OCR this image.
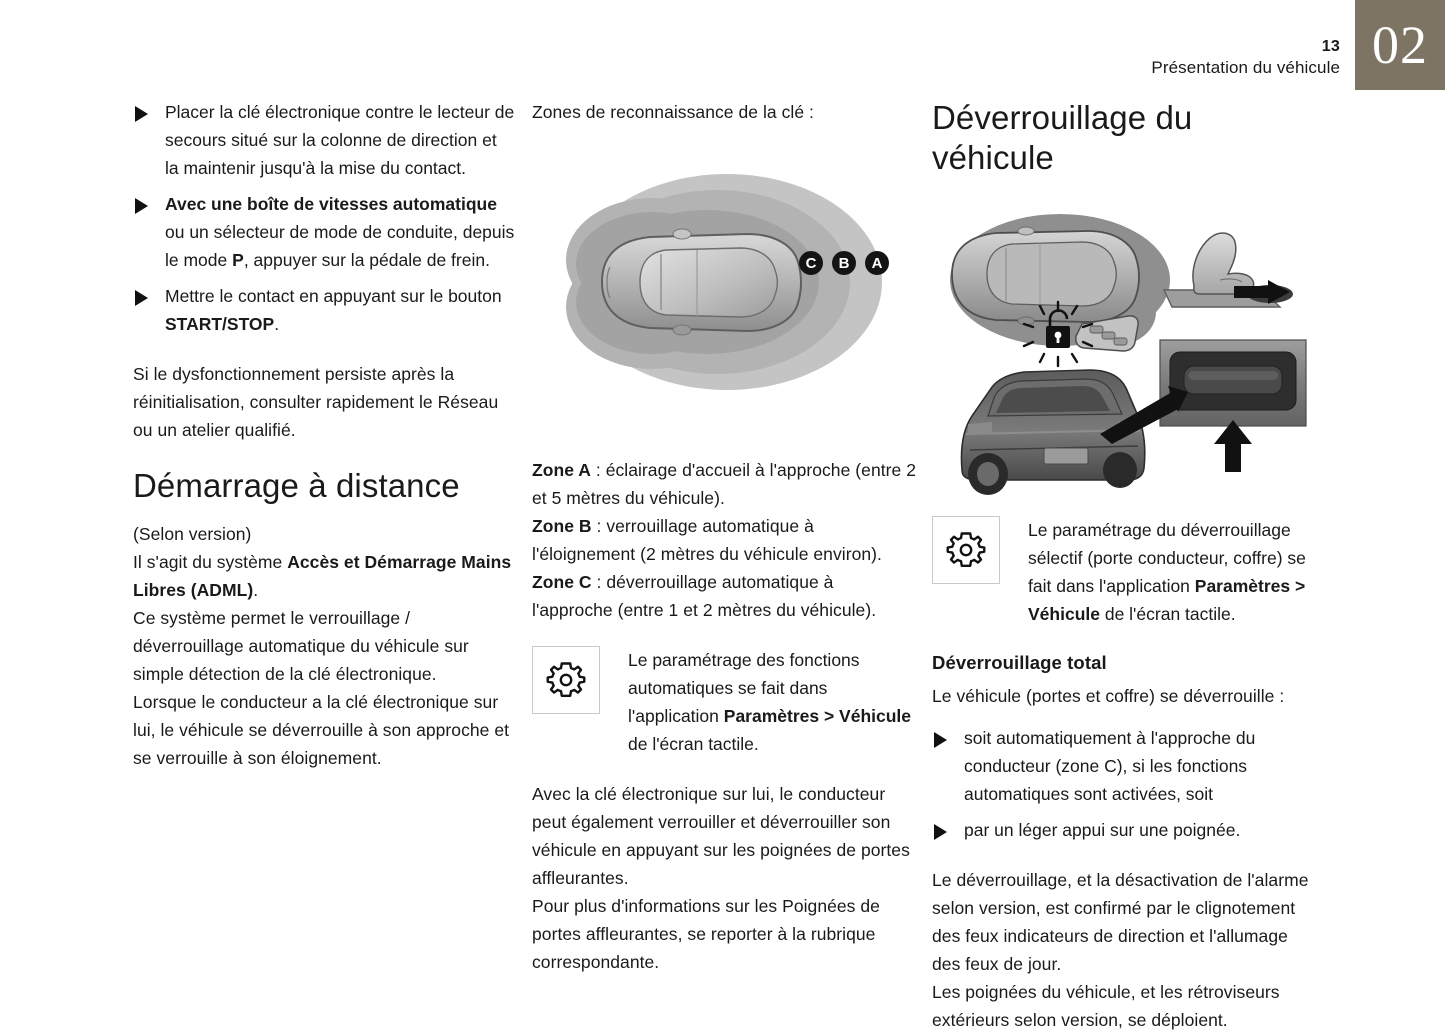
13
Présentation du véhicule 02
Placer la clé électronique contre le lecteur de secours situé sur la colonne de direction et la maintenir jusqu'à la mise du contact.
Avec une boîte de vitesses automatique ou un sélecteur de mode de conduite, depuis le mode P, appuyer sur la pédale de frein.
Mettre le contact en appuyant sur le bouton START/STOP.

Si le dysfonctionnement persiste après la réinitialisation, consulter rapidement le Réseau ou un atelier qualifié.

Démarrage à distance

(Selon version)

Il s'agit du système Accès et Démarrage Mains Libres (ADML).

Ce système permet le verrouillage / déverrouillage automatique du véhicule sur simple détection de la clé électronique.

Lorsque le conducteur a la clé électronique sur lui, le véhicule se déverrouille à son approche et se verrouille à son éloignement.

Zones de reconnaissance de la clé :

C B A

Zone A : éclairage d'accueil à l'approche (entre 2 et 5 mètres du véhicule).

Zone B : verrouillage automatique à l'éloignement (2 mètres du véhicule environ).

Zone C : déverrouillage automatique à l'approche (entre 1 et 2 mètres du véhicule).

Le paramétrage des fonctions automatiques se fait dans l'application Paramètres > Véhicule de l'écran tactile.

Avec la clé électronique sur lui, le conducteur peut également verrouiller et déverrouiller son véhicule en appuyant sur les poignées de portes affleurantes.

Pour plus d'informations sur les Poignées de portes affleurantes, se reporter à la rubrique correspondante.

Déverrouillage du véhicule
Le paramétrage du déverrouillage sélectif (porte conducteur, coffre) se fait dans l'application Paramètres > Véhicule de l'écran tactile.
Déverrouillage total

Le véhicule (portes et coffre) se déverrouille :

soit automatiquement à l'approche du conducteur (zone C), si les fonctions automatiques sont activées, soit
par un léger appui sur une poignée.

Le déverrouillage, et la désactivation de l'alarme selon version, est confirmé par le clignotement des feux indicateurs de direction et l'allumage des feux de jour.

Les poignées du véhicule, et les rétroviseurs extérieurs selon version, se déploient.
